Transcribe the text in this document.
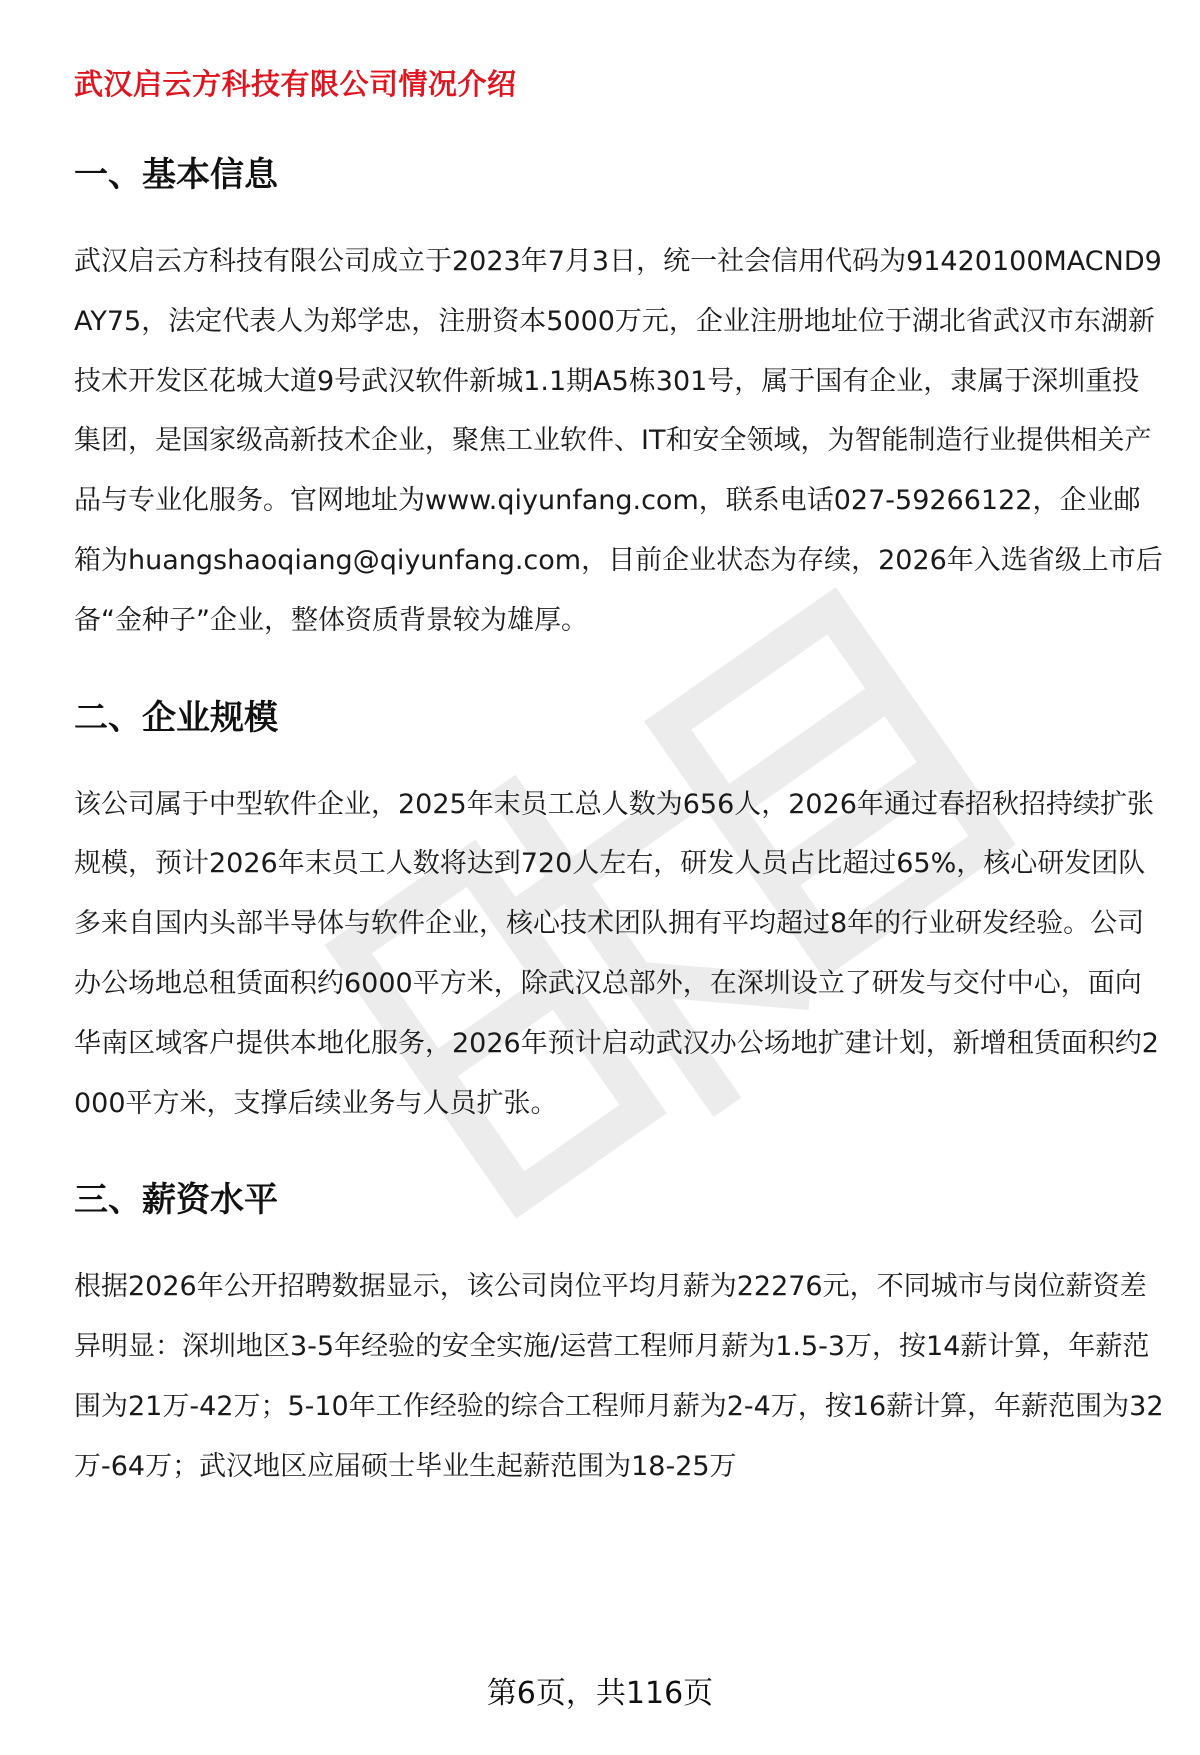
武汉启云方科技有限公司情况介绍
一、基本信息

武汉启云方科技有限公司成立于2023年7月3日，统一社会信用代码为91420100MACND9AY75，法定代表人为郑学忠，注册资本5000万元，企业注册地址位于湖北省武汉市东湖新技术开发区花城大道9号武汉软件新城1.1期A5栋301号，属于国有企业，隶属于深圳重投集团，是国家级高新技术企业，聚焦工业软件、IT和安全领域，为智能制造行业提供相关产品与专业化服务。官网地址为www.qiyunfang.com，联系电话027-59266122，企业邮箱为huangshaoqiang@qiyunfang.com，目前企业状态为存续，2026年入选省级上市后备“金种子”企业，整体资质背景较为雄厚。

二、企业规模

该公司属于中型软件企业，2025年末员工总人数为656人，2026年通过春招秋招持续扩张规模，预计2026年末员工人数将达到720人左右，研发人员占比超过65%，核心研发团队多来自国内头部半导体与软件企业，核心技术团队拥有平均超过8年的行业研发经验。公司办公场地总租赁面积约6000平方米，除武汉总部外，在深圳设立了研发与交付中心，面向华南区域客户提供本地化服务，2026年预计启动武汉办公场地扩建计划，新增租赁面积约2000平方米，支撑后续业务与人员扩张。

三、薪资水平

根据2026年公开招聘数据显示，该公司岗位平均月薪为22276元，不同城市与岗位薪资差异明显：深圳地区3-5年经验的安全实施/运营工程师月薪为1.5-3万，按14薪计算，年薪范围为21万-42万；5-10年工作经验的综合工程师月薪为2-4万，按16薪计算，年薪范围为32万-64万；武汉地区应届硕士毕业生起薪范围为18-25万

第6页，共116页
